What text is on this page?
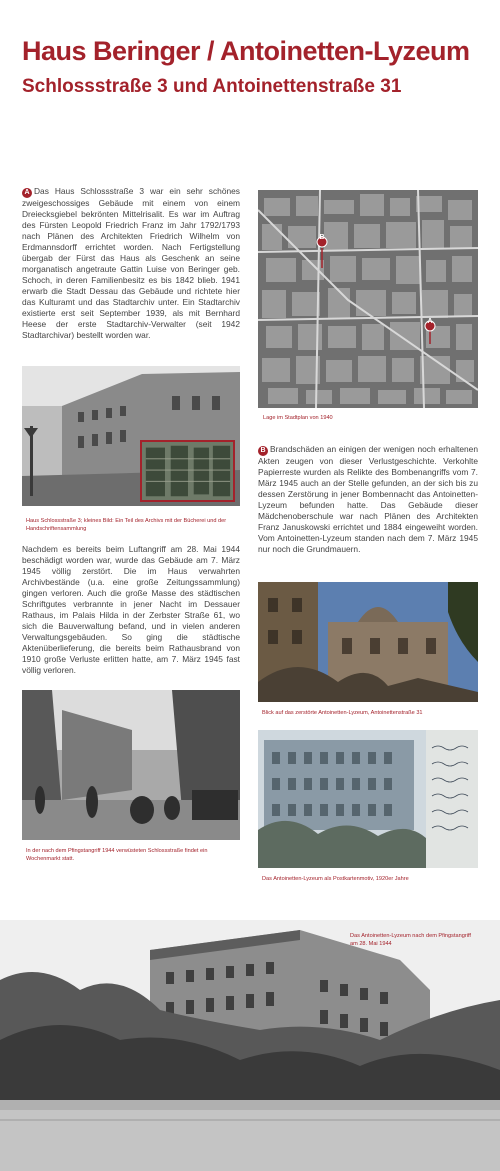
Haus Beringer / Antoinetten-Lyzeum
Schlossstraße 3 und Antoinettenstraße 31
A Das Haus Schlossstraße 3 war ein sehr schönes zweigeschossiges Gebäude mit einem von einem Dreiecksgiebel bekrönten Mittelrisalit. Es war im Auftrag des Fürsten Leopold Friedrich Franz im Jahr 1792/1793 nach Plänen des Architekten Friedrich Wilhelm von Erdmannsdorff errichtet worden. Nach Fertigstellung übergab der Fürst das Haus als Geschenk an seine morganatisch angetraute Gattin Luise von Beringer geb. Schoch, in deren Familienbesitz es bis 1842 blieb. 1941 erwarb die Stadt Dessau das Gebäude und richtete hier das Kulturamt und das Stadtarchiv unter. Ein Stadtarchiv existierte erst seit September 1939, als mit Bernhard Heese der erste Stadtarchiv-Verwalter (seit 1942 Stadtarchivar) bestellt worden war.
B
A
Lage im Stadtplan von 1940
B Brandschäden an einigen der wenigen noch erhaltenen Akten zeugen von dieser Verlustgeschichte. Verkohlte Papierreste wurden als Relikte des Bombenangriffs vom 7. März 1945 auch an der Stelle gefunden, an der sich bis zu dessen Zerstörung in jener Bombennacht das Antoinetten-Lyzeum befunden hatte. Das Gebäude dieser Mädchenoberschule war nach Plänen des Architekten Franz Januskowski errichtet und 1884 eingeweiht worden. Vom Antoinetten-Lyzeum standen nach dem 7. März 1945 nur noch die Grundmauern.
Haus Schlossstraße 3; kleines Bild: Ein Teil des Archivs mit der Bücherei und der Handschriftensammlung
Nachdem es bereits beim Luftangriff am 28. Mai 1944 beschädigt worden war, wurde das Gebäude am 7. März 1945 völlig zerstört. Die im Haus verwahrten Archivbestände (u.a. eine große Zeitungssammlung) gingen verloren. Auch die große Masse des städtischen Schriftgutes verbrannte in jener Nacht im Dessauer Rathaus, im Palais Hilda in der Zerbster Straße 61, wo sich die Bauverwaltung befand, und in vielen anderen Verwaltungsgebäuden. So ging die städtische Aktenüberlieferung, die bereits beim Rathausbrand von 1910 große Verluste erlitten hatte, am 7. März 1945 fast völlig verloren.
In der nach dem Pfingstangriff 1944 verwüsteten Schlossstraße findet ein Wochenmarkt statt.
Blick auf das zerstörte Antoinetten-Lyzeum, Antoinettenstraße 31
Das Antoinetten-Lyzeum als Postkartenmotiv, 1920er Jahre
Das Antoinetten-Lyzeum nach dem Pfingstangriff am 28. Mai 1944
